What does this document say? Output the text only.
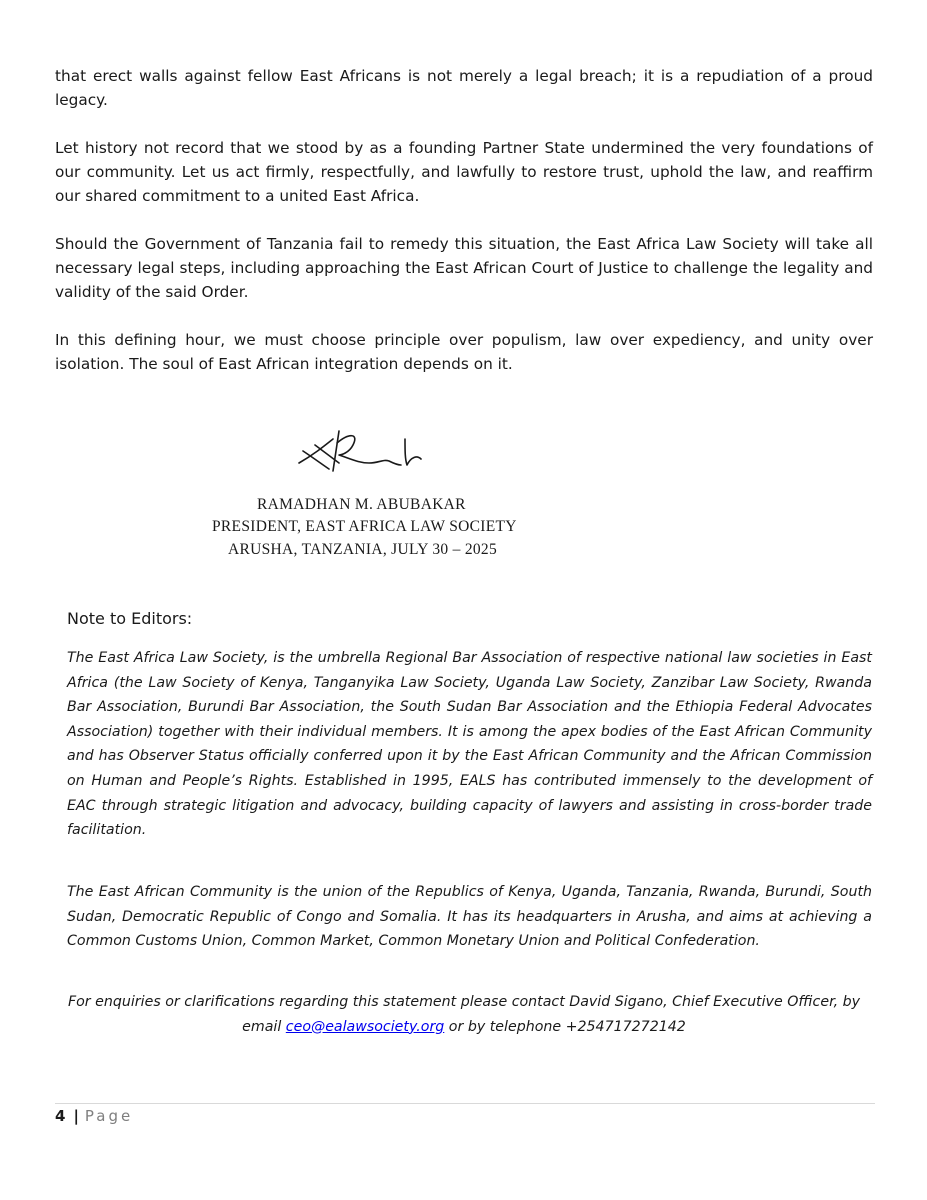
that erect walls against fellow East Africans is not merely a legal breach; it is a repudiation of a proud legacy.

Let history not record that we stood by as a founding Partner State undermined the very foundations of our community. Let us act firmly, respectfully, and lawfully to restore trust, uphold the law, and reaffirm our shared commitment to a united East Africa.

Should the Government of Tanzania fail to remedy this situation, the East Africa Law Society will take all necessary legal steps, including approaching the East African Court of Justice to challenge the legality and validity of the said Order.

In this defining hour, we must choose principle over populism, law over expediency, and unity over isolation. The soul of East African integration depends on it.

RAMADHAN M. ABUBAKAR

PRESIDENT, EAST AFRICA LAW SOCIETY

ARUSHA, TANZANIA, JULY 30 – 2025

Note to Editors:

The East Africa Law Society, is the umbrella Regional Bar Association of respective national law societies in East Africa (the Law Society of Kenya, Tanganyika Law Society, Uganda Law Society, Zanzibar Law Society, Rwanda Bar Association, Burundi Bar Association, the South Sudan Bar Association and the Ethiopia Federal Advocates Association) together with their individual members. It is among the apex bodies of the East African Community and has Observer Status officially conferred upon it by the East African Community and the African Commission on Human and People’s Rights. Established in 1995, EALS has contributed immensely to the development of EAC through strategic litigation and advocacy, building capacity of lawyers and assisting in cross-border trade facilitation.

The East African Community is the union of the Republics of Kenya, Uganda, Tanzania, Rwanda, Burundi, South Sudan, Democratic Republic of Congo and Somalia. It has its headquarters in Arusha, and aims at achieving a Common Customs Union, Common Market, Common Monetary Union and Political Confederation.

For enquiries or clarifications regarding this statement please contact David Sigano, Chief Executive Officer, by
email ceo@ealawsociety.org or by telephone +254717272142

4 | Page
